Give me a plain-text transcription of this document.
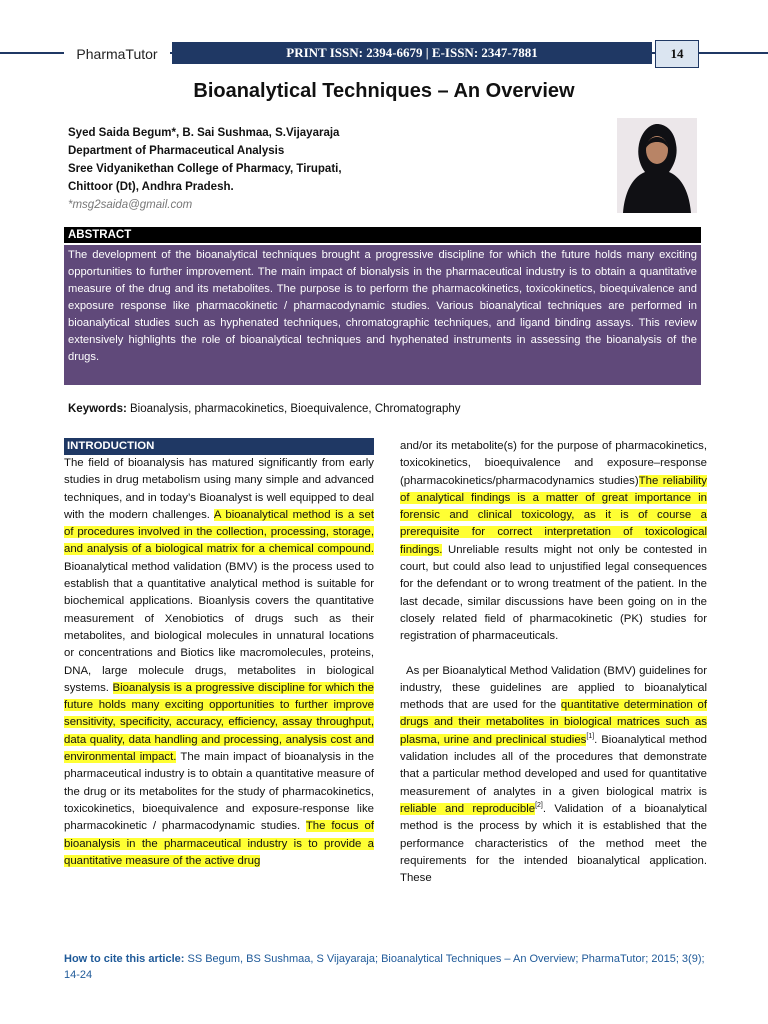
PharmaTutor	PRINT ISSN: 2394-6679 | E-ISSN: 2347-7881	14
Bioanalytical Techniques – An Overview
Syed Saida Begum*, B. Sai Sushmaa, S.Vijayaraja
Department of Pharmaceutical Analysis
Sree Vidyanikethan College of Pharmacy, Tirupati,
Chittoor (Dt), Andhra Pradesh.
*msg2saida@gmail.com
ABSTRACT
The development of the bioanalytical techniques brought a progressive discipline for which the future holds many exciting opportunities to further improvement. The main impact of bionalysis in the pharmaceutical industry is to obtain a quantitative measure of the drug and its metabolites. The purpose is to perform the pharmacokinetics, toxicokinetics, bioequivalence and exposure response like pharmacokinetic / pharmacodynamic studies. Various bioanalytical techniques are performed in bioanalytical studies such as hyphenated techniques, chromatographic techniques, and ligand binding assays. This review extensively highlights the role of bioanalytical techniques and hyphenated instruments in assessing the bioanalysis of the drugs.
Keywords: Bioanalysis, pharmacokinetics, Bioequivalence, Chromatography
INTRODUCTION
The field of bioanalysis has matured significantly from early studies in drug metabolism using many simple and advanced techniques, and in today’s Bioanalyst is well equipped to deal with the modern challenges. A bioanalytical method is a set of procedures involved in the collection, processing, storage, and analysis of a biological matrix for a chemical compound. Bioanalytical method validation (BMV) is the process used to establish that a quantitative analytical method is suitable for biochemical applications. Bioanlysis covers the quantitative measurement of Xenobiotics of drugs such as their metabolites, and biological molecules in unnatural locations or concentrations and Biotics like macromolecules, proteins, DNA, large molecule drugs, metabolites in biological systems. Bioanalysis is a progressive discipline for which the future holds many exciting opportunities to further improve sensitivity, specificity, accuracy, efficiency, assay throughput, data quality, data handling and processing, analysis cost and environmental impact. The main impact of bioanalysis in the pharmaceutical industry is to obtain a quantitative measure of the drug or its metabolites for the study of pharmacokinetics, toxicokinetics, bioequivalence and exposure-response like pharmacokinetic / pharmacodynamic studies. The focus of bioanalysis in the pharmaceutical industry is to provide a quantitative measure of the active drug
and/or its metabolite(s) for the purpose of pharmacokinetics, toxicokinetics, bioequivalence and exposure–response (pharmacokinetics/pharmacodynamics studies)The reliability of analytical findings is a matter of great importance in forensic and clinical toxicology, as it is of course a prerequisite for correct interpretation of toxicological findings. Unreliable results might not only be contested in court, but could also lead to unjustified legal consequences for the defendant or to wrong treatment of the patient. In the last decade, similar discussions have been going on in the closely related field of pharmacokinetic (PK) studies for registration of pharmaceuticals.
As per Bioanalytical Method Validation (BMV) guidelines for industry, these guidelines are applied to bioanalytical methods that are used for the quantitative determination of drugs and their metabolites in biological matrices such as plasma, urine and preclinical studies[1]. Bioanalytical method validation includes all of the procedures that demonstrate that a particular method developed and used for quantitative measurement of analytes in a given biological matrix is reliable and reproducible[2]. Validation of a bioanalytical method is the process by which it is established that the performance characteristics of the method meet the requirements for the intended bioanalytical application. These
How to cite this article: SS Begum, BS Sushmaa, S Vijayaraja; Bioanalytical Techniques – An Overview; PharmaTutor; 2015; 3(9); 14-24
